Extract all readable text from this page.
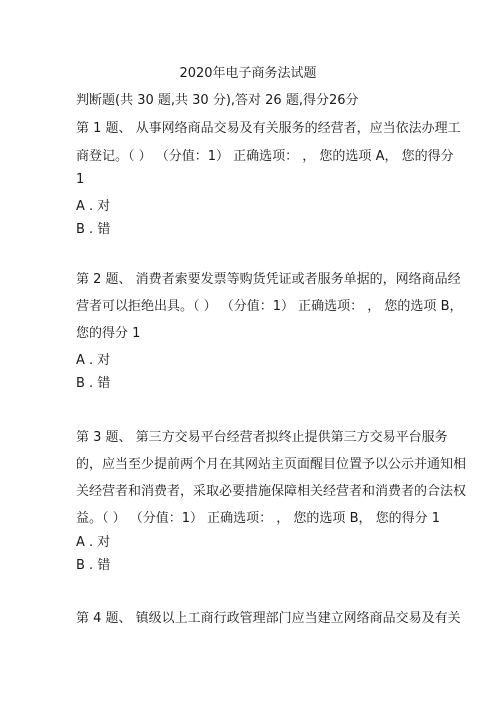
2020年电子商务法试题
判断题(共 30 题,共 30 分),答对 26 题,得分26分
第 1 题、 从事网络商品交易及有关服务的经营者，应当依法办理工
商登记。（ ） （分值：1） 正确选项： ， 您的选项 A， 您的得分
1
A . 对
B . 错
第 2 题、 消费者索要发票等购货凭证或者服务单据的，网络商品经
营者可以拒绝出具。（ ） （分值：1） 正确选项： ， 您的选项 B，
您的得分 1
A . 对
B . 错
第 3 题、 第三方交易平台经营者拟终止提供第三方交易平台服务
的，应当至少提前两个月在其网站主页面醒目位置予以公示并通知相
关经营者和消费者，采取必要措施保障相关经营者和消费者的合法权
益。（ ） （分值：1） 正确选项： ， 您的选项 B， 您的得分 1
A . 对
B . 错
第 4 题、 镇级以上工商行政管理部门应当建立网络商品交易及有关
